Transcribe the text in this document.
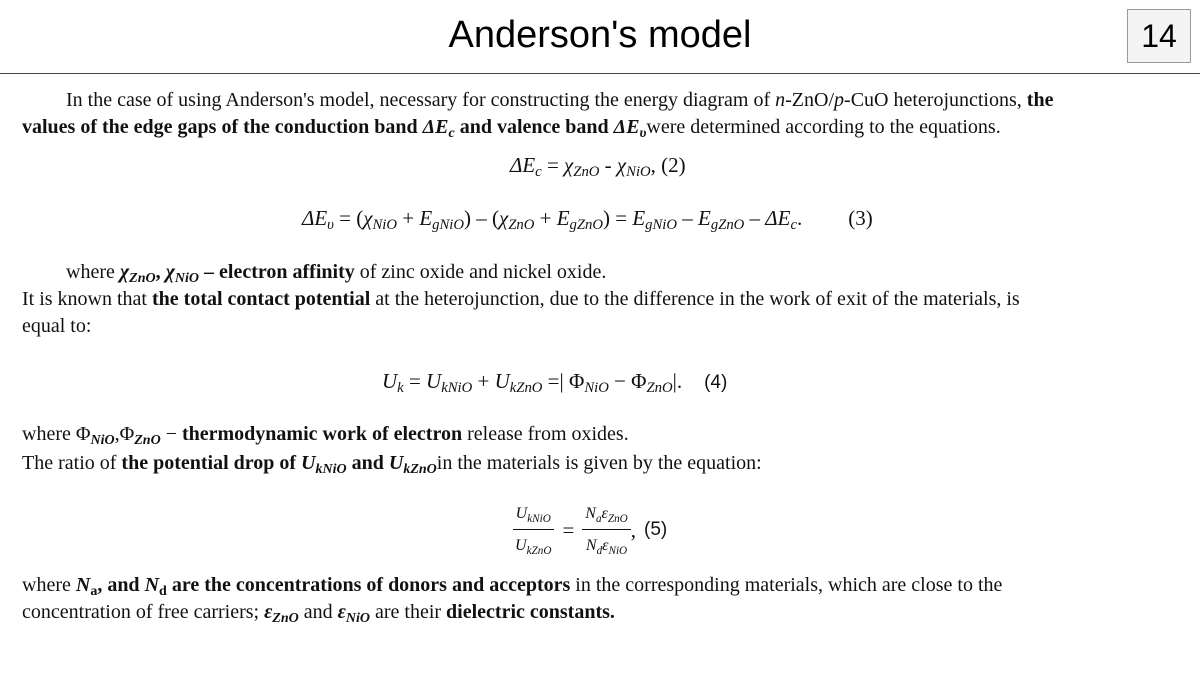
Anderson's model	14
In the case of using Anderson's model, necessary for constructing the energy diagram of n-ZnO/p-CuO heterojunctions, the
values of the edge gaps of the conduction band $\Delta E_c$ and valence band $\Delta E_\upsilon were$ determined according to the equations.
$\Delta E_c = \chi_{ZnO} - \chi_{NiO}$, (2)
$\Delta E_\upsilon = (\chi_{NiO} + E_{gNiO}) - (\chi_{ZnO} + E_{gZnO}) = E_{gNiO} - E_{gZnO} - \Delta E_c$. (3)
where $\chi_{ZnO}$, $\chi_{NiO}$ – electron affinity of zinc oxide and nickel oxide.
It is known that the total contact potential at the heterojunction, due to the difference in the work of exit of the materials, is
equal to:
$U_k = U_{kNiO} + U_{kZnO}$ =| $\Phi_{NiO} - \Phi_{ZnO}|$. (4)
where $\Phi_{NiO},\Phi_{ZnO}$ − thermodynamic work of electron release from oxides.
The ratio of the potential drop of $U_{kNiO}$ and $U_{kZnO}in$ the materials is given by the equation:
$\frac{U_{kNiO}}{U_{kZnO}} = \frac{N_a\varepsilon_{ZnO}}{N_d\varepsilon_{NiO}}$ , (5)
where $N_a$, and $N_d$ are the concentrations of donors and acceptors in the corresponding materials, which are close to the
concentration of free carriers; $\varepsilon_{ZnO}$ and $\varepsilon_{NiO}$ are their dielectric constants.
